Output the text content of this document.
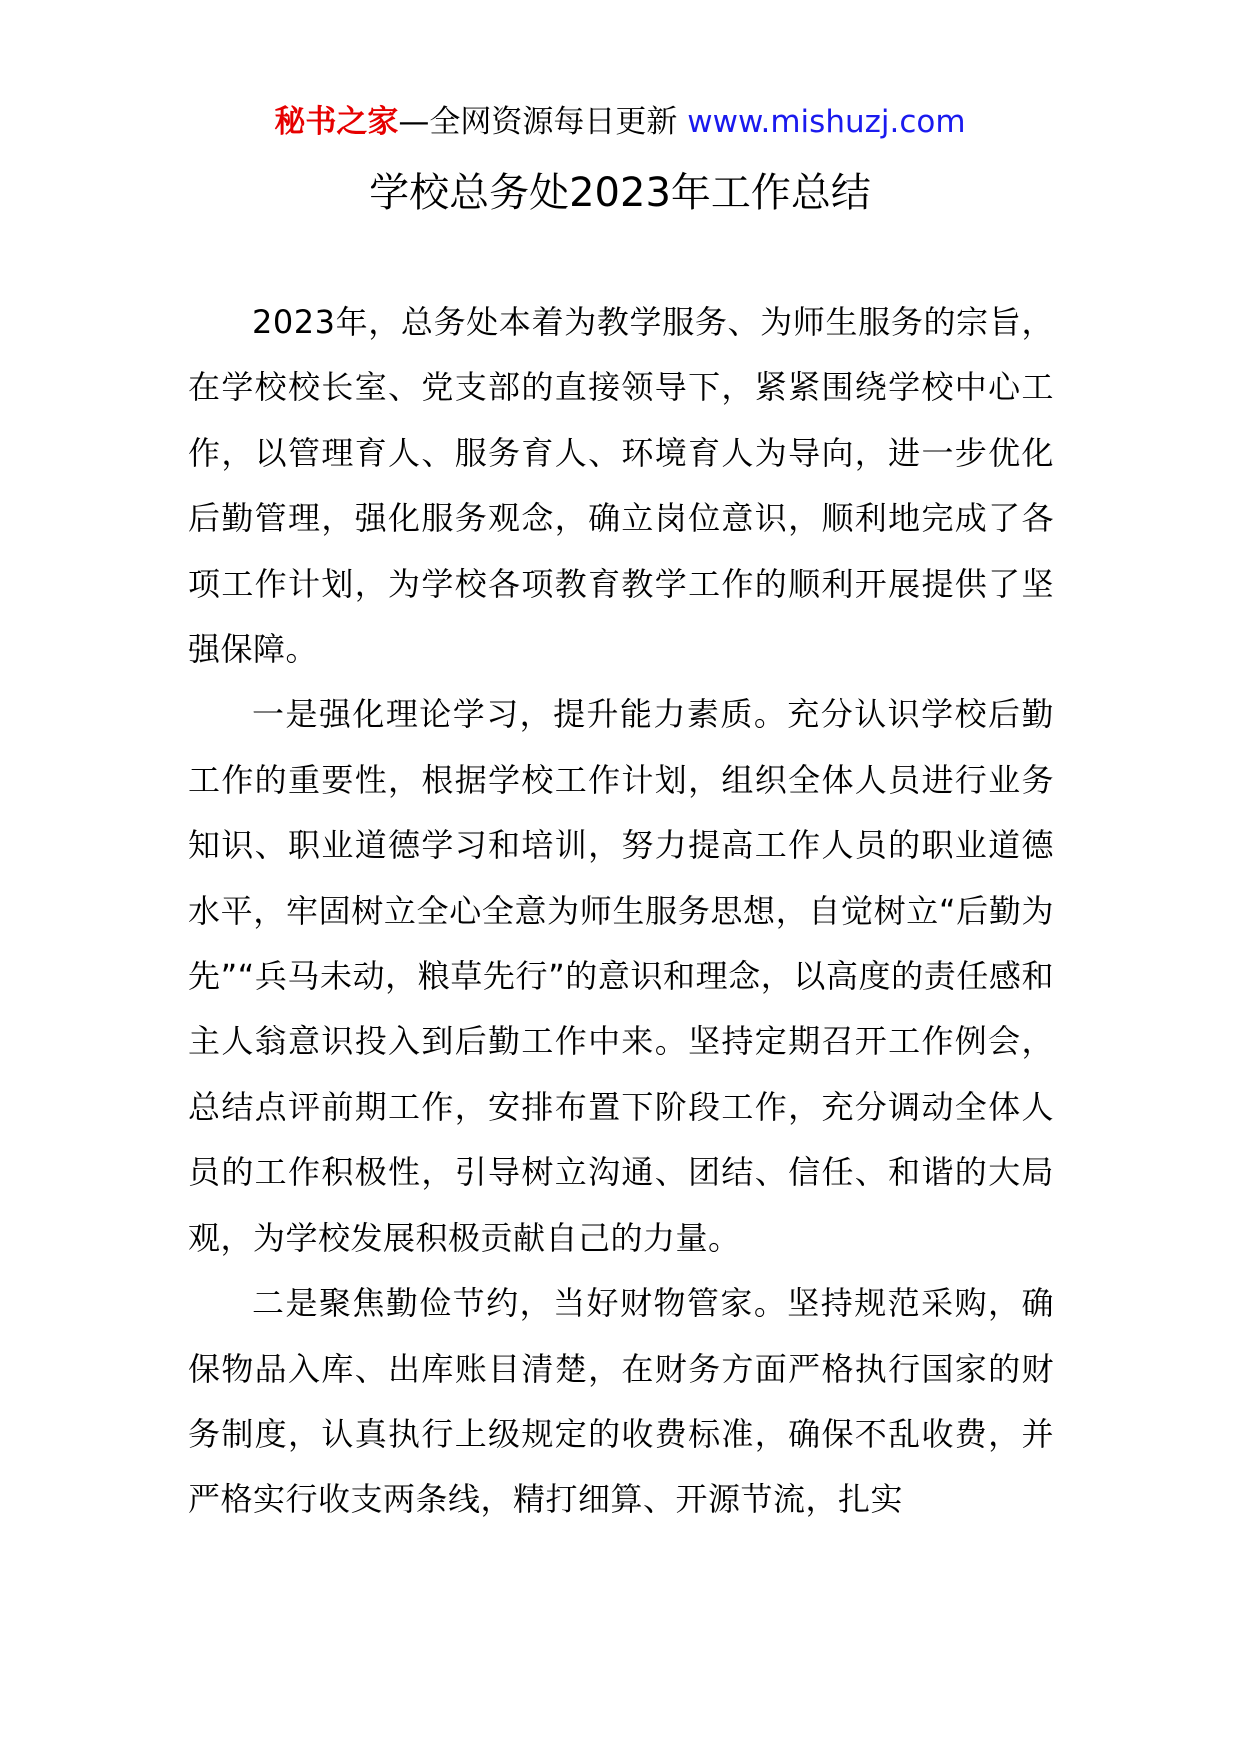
秘书之家—全网资源每日更新 www.mishuzj.com
学校总务处2023年工作总结

2023年，总务处本着为教学服务、为师生服务的宗旨，在学校校长室、党支部的直接领导下，紧紧围绕学校中心工作，以管理育人、服务育人、环境育人为导向，进一步优化后勤管理，强化服务观念，确立岗位意识，顺利地完成了各项工作计划，为学校各项教育教学工作的顺利开展提供了坚强保障。

一是强化理论学习，提升能力素质。充分认识学校后勤工作的重要性，根据学校工作计划，组织全体人员进行业务知识、职业道德学习和培训，努力提高工作人员的职业道德水平，牢固树立全心全意为师生服务思想，自觉树立“后勤为先”“兵马未动，粮草先行”的意识和理念，以高度的责任感和主人翁意识投入到后勤工作中来。坚持定期召开工作例会，总结点评前期工作，安排布置下阶段工作，充分调动全体人员的工作积极性，引导树立沟通、团结、信任、和谐的大局观，为学校发展积极贡献自己的力量。

二是聚焦勤俭节约，当好财物管家。坚持规范采购，确保物品入库、出库账目清楚，在财务方面严格执行国家的财务制度，认真执行上级规定的收费标准，确保不乱收费，并严格实行收支两条线，精打细算、开源节流，扎实
